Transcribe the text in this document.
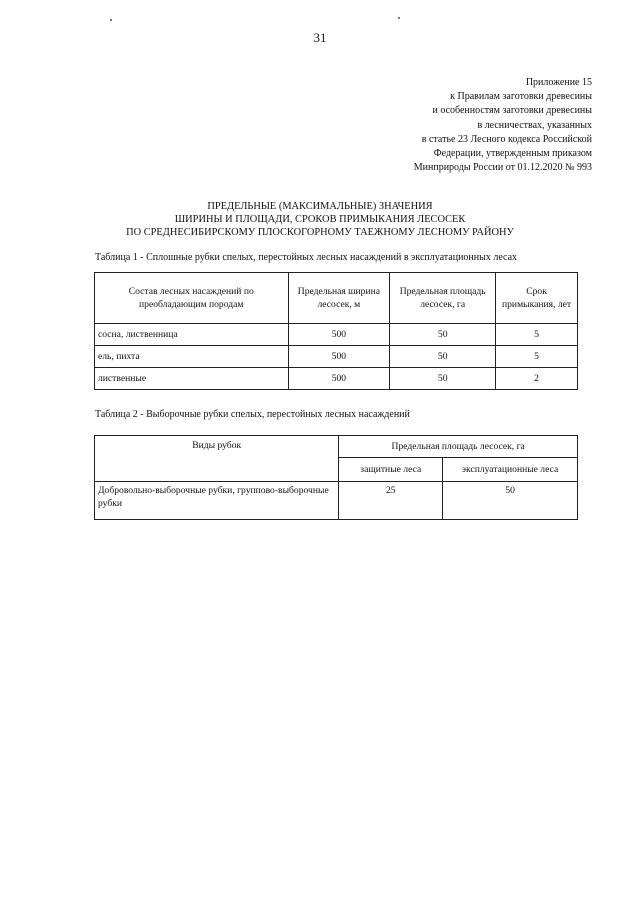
31
Приложение 15
к Правилам заготовки древесины
и особенностям заготовки древесины
в лесничествах, указанных
в статье 23 Лесного кодекса Российской
Федерации, утвержденным приказом
Минприроды России от 01.12.2020 № 993
ПРЕДЕЛЬНЫЕ (МАКСИМАЛЬНЫЕ) ЗНАЧЕНИЯ
ШИРИНЫ И ПЛОЩАДИ, СРОКОВ ПРИМЫКАНИЯ ЛЕСОСЕК
ПО СРЕДНЕСИБИРСКОМУ ПЛОСКОГОРНОМУ ТАЕЖНОМУ ЛЕСНОМУ РАЙОНУ
Таблица 1 - Сплошные рубки спелых, перестойных лесных насаждений в эксплуатационных лесах
Состав лесных насаждений по преобладающим породам	Предельная ширина лесосек, м	Предельная площадь лесосек, га	Срок примыкания, лет
сосна, лиственница	500	50	5
ель, пихта	500	50	5
лиственные	500	50	2
Таблица 2 - Выборочные рубки спелых, перестойных лесных насаждений
Виды рубок	Предельная площадь лесосек, га	
	защитные леса	эксплуатационные леса
Добровольно-выборочные рубки, группово-выборочные рубки	25	50
